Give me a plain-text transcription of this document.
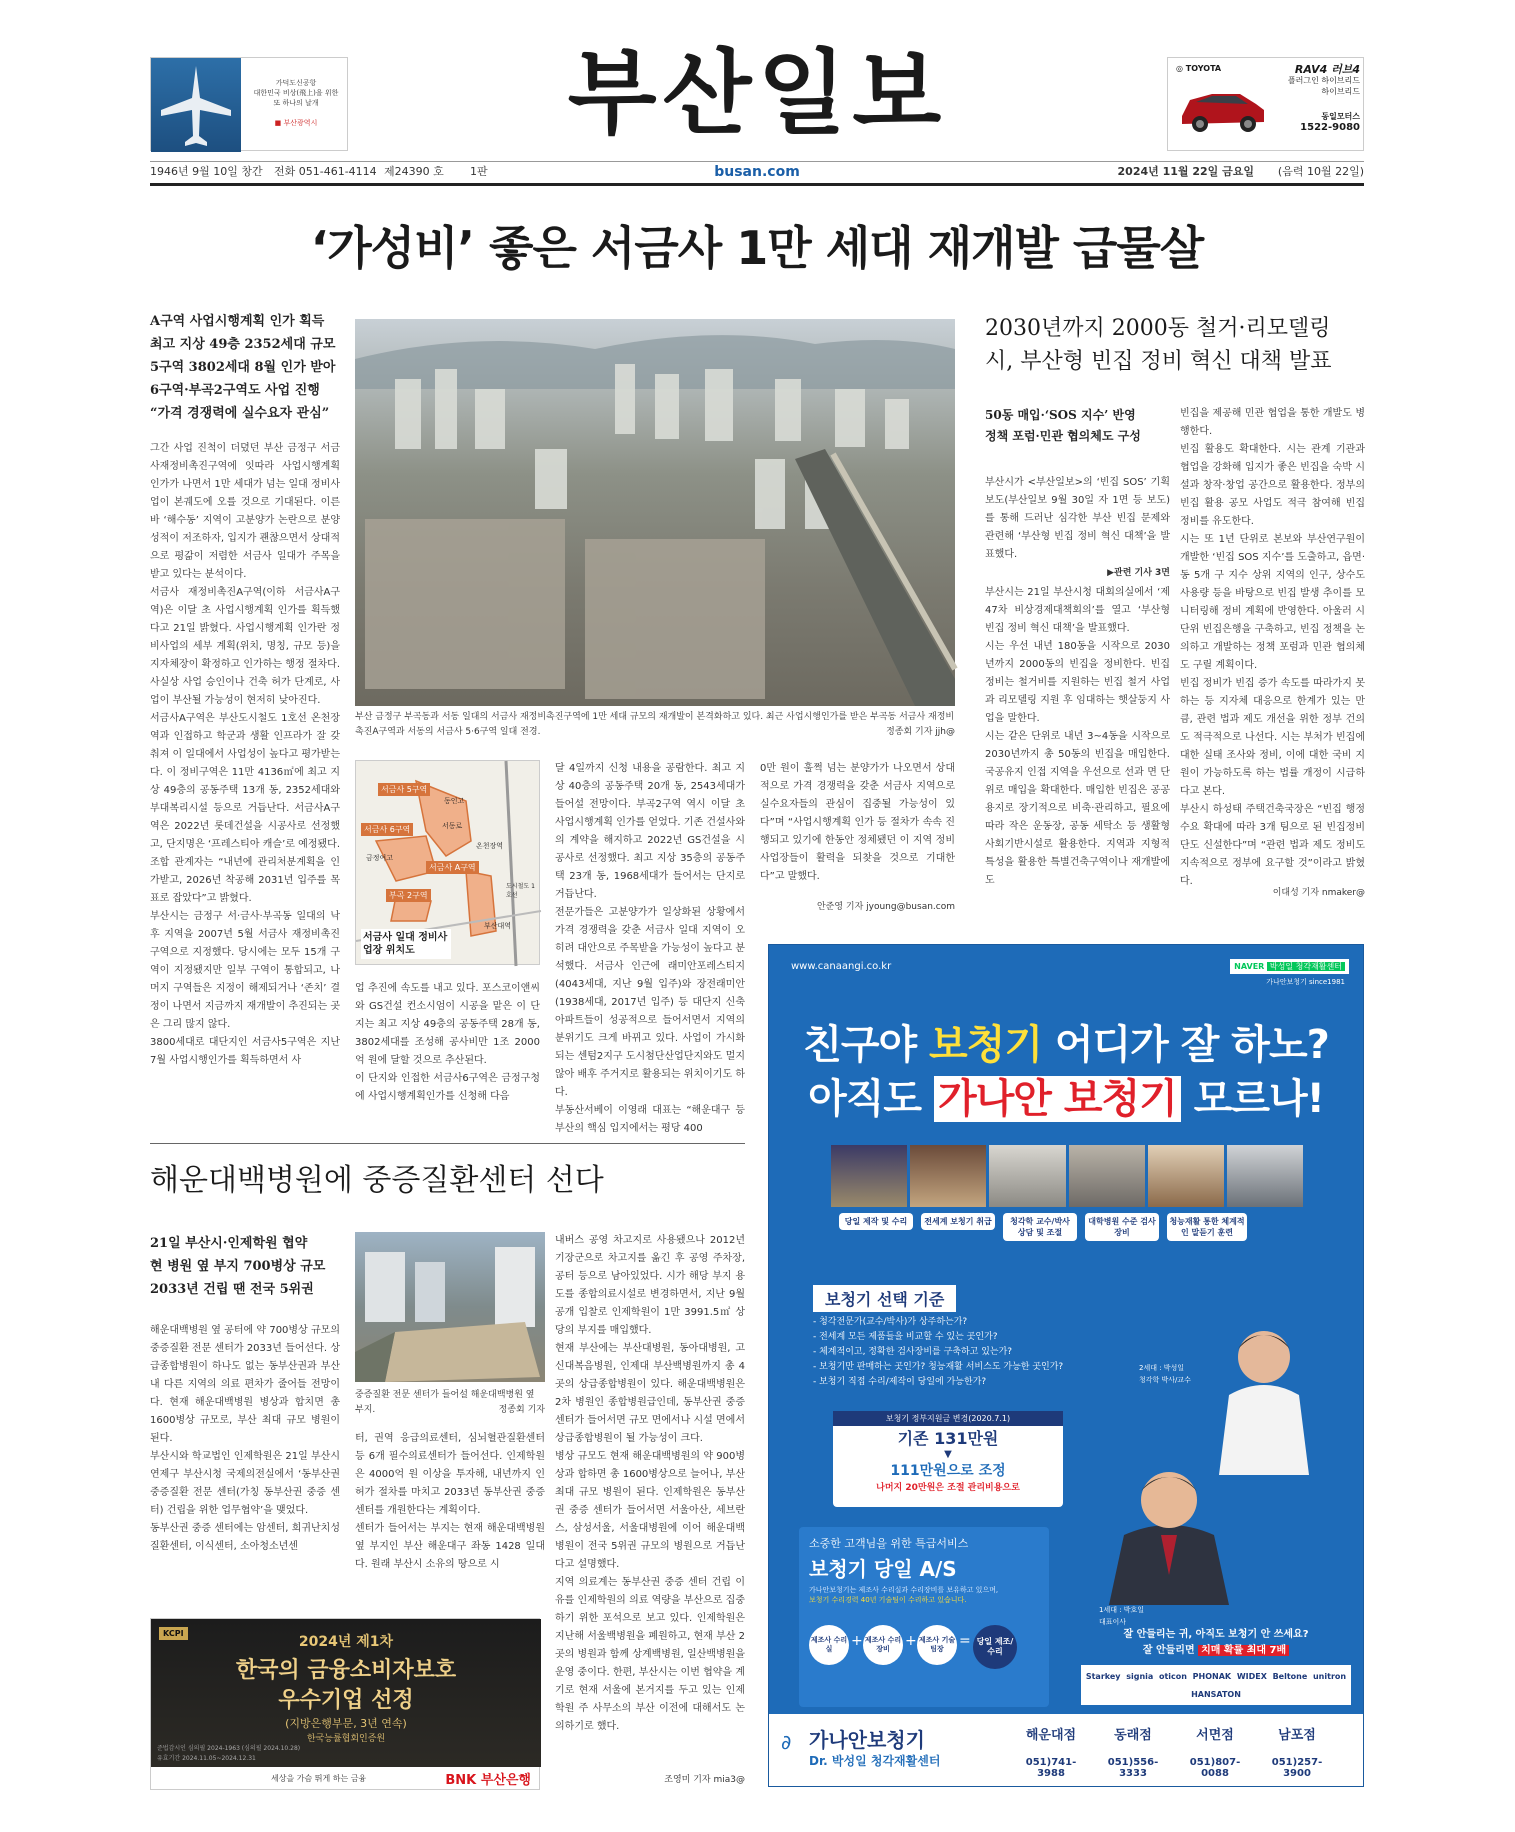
가덕도신공항
대한민국 비상(飛上)을 위한
또 하나의 날개
■ 부산광역시	부산일보	◎ TOYOTA	RAV4 러브4
플러그인 하이브리드
하이브리드
동일모터스
1522-9080
1946년 9월 10일 창간 전화 051-461-4114 제24390 호 1판	busan.com	2024년 11월 22일 금요일 (음력 10월 22일)
‘가성비’ 좋은 서금사 1만 세대 재개발 급물살
A구역 사업시행계획 인가 획득
최고 지상 49층 2352세대 규모
5구역 3802세대 8월 인가 받아
6구역·부곡2구역도 사업 진행
“가격 경쟁력에 실수요자 관심”
그간 사업 진척이 더뎠던 부산 금정구 서금사재정비촉진구역에 잇따라 사업시행계획 인가가 나면서 1만 세대가 넘는 일대 정비사업이 본궤도에 오를 것으로 기대된다. 이른바 ‘해수동’ 지역이 고분양가 논란으로 분양 성적이 저조하자, 입지가 괜찮으면서 상대적으로 평갊이 저렴한 서금사 일대가 주목을 받고 있다는 분석이다.
서금사 재정비촉진A구역(이하 서금사A구역)은 이달 초 사업시행계획 인가를 획득했다고 21일 밝혔다. 사업시행계획 인가란 정비사업의 세부 계획(위치, 명칭, 규모 등)을 지자체장이 확정하고 인가하는 행정 절차다. 사실상 사업 승인이나 건축 허가 단계로, 사업이 부산될 가능성이 현저히 낮아진다.
서금사A구역은 부산도시철도 1호선 온천장역과 인접하고 학군과 생활 인프라가 잘 갖춰져 이 일대에서 사업성이 높다고 평가받는다. 이 정비구역은 11만 4136㎡에 최고 지상 49층의 공동주택 13개 동, 2352세대와 부대복리시설 등으로 거듭난다. 서금사A구역은 2022년 롯데건설을 시공사로 선정했고, 단지명은 ‘프레스티아 캐슬’로 예정됐다. 조합 관계자는 “내년에 관리처분계획을 인가받고, 2026년 착공해 2031년 입주를 목표로 잡았다”고 밝혔다.
부산시는 금정구 서·금사·부곡동 일대의 낙후 지역을 2007년 5월 서금사 재정비촉진구역으로 지정했다. 당시에는 모두 15개 구역이 지정됐지만 일부 구역이 통합되고, 나머지 구역들은 지정이 해제되거나 ‘존치’ 결정이 나면서 지금까지 재개발이 추진되는 곳은 그리 많지 않다.
3800세대로 대단지인 서금사5구역은 지난 7월 사업시행인가를 획득하면서 사
부산 금정구 부곡동과 서동 일대의 서금사 재정비촉진구역에 1만 세대 규모의 재개발이 본격화하고 있다. 최근 사업시행인가를 받은 부곡동 서금사 재정비촉진A구역과 서동의 서금사 5·6구역 일대 전경.	정종회 기자 jjh@
서금사 5구역
서금사 6구역
서금사 A구역
부곡 2구역
동인고
금정여고
온천장역
서동로
부산대역
도시철도 1호선
서금사 일대 정비사업장 위치도
업 추진에 속도를 내고 있다. 포스코이앤씨와 GS건설 컨소시엄이 시공을 맡은 이 단지는 최고 지상 49층의 공동주택 28개 동, 3802세대를 조성해 공사비만 1조 2000억 원에 달할 것으로 추산된다.
이 단지와 인접한 서금사6구역은 금정구청에 사업시행계획인가를 신청해 다음
달 4일까지 신청 내용을 공람한다. 최고 지상 40층의 공동주택 20개 동, 2543세대가 들어설 전망이다. 부곡2구역 역시 이달 초 사업시행계획 인가를 얻었다. 기존 건설사와의 계약을 해지하고 2022년 GS건설을 시공사로 선정했다. 최고 지상 35층의 공동주택 23개 동, 1968세대가 들어서는 단지로 거듭난다.
전문가들은 고분양가가 일상화된 상황에서 가격 경쟁력을 갖춘 서금사 일대 지역이 오히려 대안으로 주목받을 가능성이 높다고 분석했다. 서금사 인근에 래미안포레스티지(4043세대, 지난 9월 입주)와 장전래미안(1938세대, 2017년 입주) 등 대단지 신축 아파트들이 성공적으로 들어서면서 지역의 분위기도 크게 바뀌고 있다. 사업이 가시화되는 센텀2지구 도시첨단산업단지와도 멀지 않아 배후 주거지로 활용되는 위치이기도 하다.
부동산서베이 이영래 대표는 “해운대구 등 부산의 핵심 입지에서는 평당 400
0만 원이 훌쩍 넘는 분양가가 나오면서 상대적으로 가격 경쟁력을 갖춘 서금사 지역으로 실수요자들의 관심이 집중될 가능성이 있다”며 “사업시행계획 인가 등 절차가 속속 진행되고 있기에 한동안 정체됐던 이 지역 정비사업장들이 활력을 되찾을 것으로 기대한다”고 말했다.
안준영 기자 jyoung@busan.com
2030년까지 2000동 철거·리모델링
시, 부산형 빈집 정비 혁신 대책 발표
50동 매입·‘SOS 지수’ 반영
정책 포럼·민관 협의체도 구성
부산시가 <부산일보>의 ‘빈집 SOS’ 기획 보도(부산일보 9월 30일 자 1면 등 보도)를 통해 드러난 심각한 부산 빈집 문제와 관련해 ‘부산형 빈집 정비 혁신 대책’을 발표했다.
▶관련 기사 3면
부산시는 21일 부산시청 대회의실에서 ‘제47차 비상경제대책회의’를 열고 ‘부산형 빈집 정비 혁신 대책’을 발표했다.
시는 우선 내년 180동을 시작으로 2030년까지 2000동의 빈집을 정비한다. 빈집 정비는 철거비를 지원하는 빈집 철거 사업과 리모델링 지원 후 임대하는 햇살둥지 사업을 말한다.
시는 같은 단위로 내년 3~4동을 시작으로 2030년까지 총 50동의 빈집을 매입한다. 국공유지 인접 지역을 우선으로 선과 면 단위로 매입을 확대한다. 매입한 빈집은 공공 용지로 장기적으로 비축·관리하고, 필요에 따라 작은 운동장, 공동 세탁소 등 생활형 사회기반시설로 활용한다. 지역과 지형적 특성을 활용한 특별건축구역이나 재개발에도
빈집을 제공해 민관 협업을 통한 개발도 병행한다.
빈집 활용도 확대한다. 시는 관계 기관과 협업을 강화해 입지가 좋은 빈집을 숙박 시설과 창작·창업 공간으로 활용한다. 정부의 빈집 활용 공모 사업도 적극 참여해 빈집 정비를 유도한다.
시는 또 1년 단위로 본보와 부산연구원이 개발한 ‘빈집 SOS 지수’를 도출하고, 읍면·동 5개 구 지수 상위 지역의 인구, 상수도 사용량 등을 바탕으로 빈집 발생 추이를 모니터링해 정비 계획에 반영한다. 아울러 시 단위 빈집은행을 구축하고, 빈집 정책을 논의하고 개발하는 정책 포럼과 민관 협의체도 구릴 계획이다.
빈집 정비가 빈집 증가 속도를 따라가지 못하는 등 지자체 대응으로 한계가 있는 만큼, 관련 법과 제도 개선을 위한 정부 건의도 적극적으로 나선다. 시는 부처가 빈집에 대한 실태 조사와 정비, 이에 대한 국비 지원이 가능하도록 하는 법률 개정이 시급하다고 본다.
부산시 하성태 주택건축국장은 “빈집 행정 수요 확대에 따라 3개 팀으로 된 빈집정비단도 신설한다”며 “관련 법과 제도 정비도 지속적으로 정부에 요구할 것”이라고 밝혔다.
이대성 기자 nmaker@
해운대백병원에 중증질환센터 선다
21일 부산시·인제학원 협약
현 병원 옆 부지 700병상 규모
2033년 건립 땐 전국 5위권
해운대백병원 옆 공터에 약 700병상 규모의 중증질환 전문 센터가 2033년 들어선다. 상급종합병원이 하나도 없는 동부산권과 부산 내 다른 지역의 의료 편차가 줄어들 전망이다. 현재 해운대백병원 병상과 합치면 총 1600병상 규모로, 부산 최대 규모 병원이 된다.
부산시와 학교법인 인제학원은 21일 부산시 연제구 부산시청 국제의전실에서 ‘동부산권 중증질환 전문 센터(가칭 동부산권 중증 센터) 건립을 위한 업무협약’을 맺었다.
동부산권 중증 센터에는 암센터, 희귀난치성 질환센터, 이식센터, 소아청소년센
중증질환 전문 센터가 들어설 해운대백병원 옆 부지.	정종회 기자
터, 권역 응급의료센터, 심뇌혈관질환센터 등 6개 필수의료센터가 들어선다. 인제학원은 4000억 원 이상을 투자해, 내년까지 인허가 절차를 마치고 2033년 동부산권 중증 센터를 개원한다는 계획이다.
센터가 들어서는 부지는 현재 해운대백병원 옆 부지인 부산 해운대구 좌동 1428 일대다. 원래 부산시 소유의 땅으로 시
내버스 공영 차고지로 사용됐으나 2012년 기장군으로 차고지를 옮긴 후 공영 주차장, 공터 등으로 남아있었다. 시가 해당 부지 용도를 종합의료시설로 변경하면서, 지난 9월 공개 입찰로 인제학원이 1만 3991.5㎡ 상당의 부지를 매입했다.
현재 부산에는 부산대병원, 동아대병원, 고신대복음병원, 인제대 부산백병원까지 총 4곳의 상급종합병원이 있다. 해운대백병원은 2차 병원인 종합병원급인데, 동부산권 중증 센터가 들어서면 규모 면에서나 시설 면에서 상급종합병원이 될 가능성이 크다.
병상 규모도 현재 해운대백병원의 약 900병상과 합하면 총 1600병상으로 늘어나, 부산 최대 규모 병원이 된다. 인제학원은 동부산권 중증 센터가 들어서면 서울아산, 세브란스, 삼성서울, 서울대병원에 이어 해운대백병원이 전국 5위권 규모의 병원으로 거듭난다고 설명했다.
지역 의료계는 동부산권 중증 센터 건립 이유를 인제학원의 의료 역량을 부산으로 집중하기 위한 포석으로 보고 있다. 인제학원은 지난해 서울백병원을 폐원하고, 현재 부산 2곳의 병원과 함께 상계백병원, 일산백병원을 운영 중이다. 한편, 부산시는 이번 협약을 계기로 현재 서울에 본거지를 두고 있는 인제학원 주 사무소의 부산 이전에 대해서도 논의하기로 했다.
조영미 기자 mia3@
KCPI
2024년 제1차
한국의 금융소비자보호
우수기업 선정
(지방은행부문, 3년 연속)
한국능률협회인증원
준법감시인 심의필 2024-1963 (심의필 2024.10.28)
유효기간 2024.11.05~2024.12.31
세상을 가슴 뛰게 하는 금융	BNK 부산은행
www.canaangi.co.kr	NAVER 박성일 청각재활센터
가나안보청기 since1981
친구야 보청기 어디가 잘 하노?
아직도 가나안 보청기 모르나!
당일 제작 및 수리	전세계 보청기 취급	청각학 교수/박사 상담 및 조절
대학병원 수준 검사 장비
청능재활 통한 체계적인 말듣기 훈련
보청기 선택 기준
- 청각전문가(교수/박사)가 상주하는가?
- 전세계 모든 제품들을 비교할 수 있는 곳인가?
- 체계적이고, 정확한 검사장비를 구축하고 있는가?
- 보청기만 판매하는 곳인가? 청능재활 서비스도 가능한 곳인가?
- 보청기 직접 수리/제작이 당일에 가능한가?
2세대 : 박성일
청각학 박사/교수
보청기 정부지원금 변경(2020.7.1)
기존 131만원
▼
111만원으로 조정
나머지 20만원은 조절 관리비용으로
1세대 : 박호일
대표이사
소중한 고객님을 위한 특급서비스
보청기 당일 A/S
가나안보청기는 제조사 수리실과 수리장비를 보유하고 있으며,
보청기 수리경력 40년 기술팀이 수리하고 있습니다.
제조사 수리실	+ 제조사 수리장비	+ 제조사 기술팀장	= 당일 제조/수리
잘 안들리는 귀, 아직도 보청기 안 쓰세요?
잘 안들리면 치매 확률 최대 7배
Starkey signia oticon PHONAK WIDEX Beltone unitron
HANSATON
∂ 가나안보청기
Dr. 박성일 청각재활센터
해운대점
051)741-3988
동래점
051)556-3333
서면점
051)807-0088
남포점
051)257-3900
